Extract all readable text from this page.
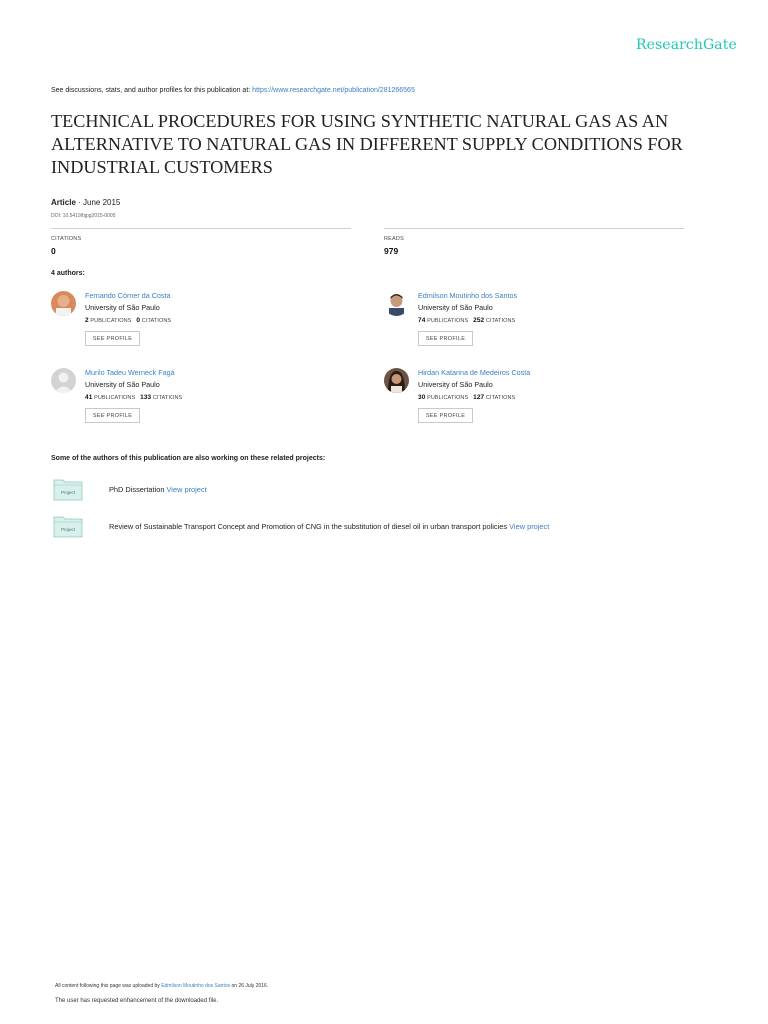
ResearchGate
See discussions, stats, and author profiles for this publication at: https://www.researchgate.net/publication/281266565
TECHNICAL PROCEDURES FOR USING SYNTHETIC NATURAL GAS AS AN ALTERNATIVE TO NATURAL GAS IN DIFFERENT SUPPLY CONDITIONS FOR INDUSTRIAL CUSTOMERS
Article · June 2015
DOI: 10.5419/bjpg2015-0005
CITATIONS
0
READS
979
4 authors:
Fernando Córner da Costa
University of São Paulo
2 PUBLICATIONS 0 CITATIONS
SEE PROFILE
Edmilson Moutinho dos Santos
University of São Paulo
74 PUBLICATIONS 252 CITATIONS
SEE PROFILE
Murilo Tadeu Werneck Fagá
University of São Paulo
41 PUBLICATIONS 133 CITATIONS
SEE PROFILE
Hirdan Katarina de Medeiros Costa
University of São Paulo
30 PUBLICATIONS 127 CITATIONS
SEE PROFILE
Some of the authors of this publication are also working on these related projects:
Project	PhD Dissertation View project
Project	Review of Sustainable Transport Concept and Promotion of CNG in the substitution of diesel oil in urban transport policies View project
All content following this page was uploaded by Edmilson Moutinho dos Santos on 26 July 2016.
The user has requested enhancement of the downloaded file.
